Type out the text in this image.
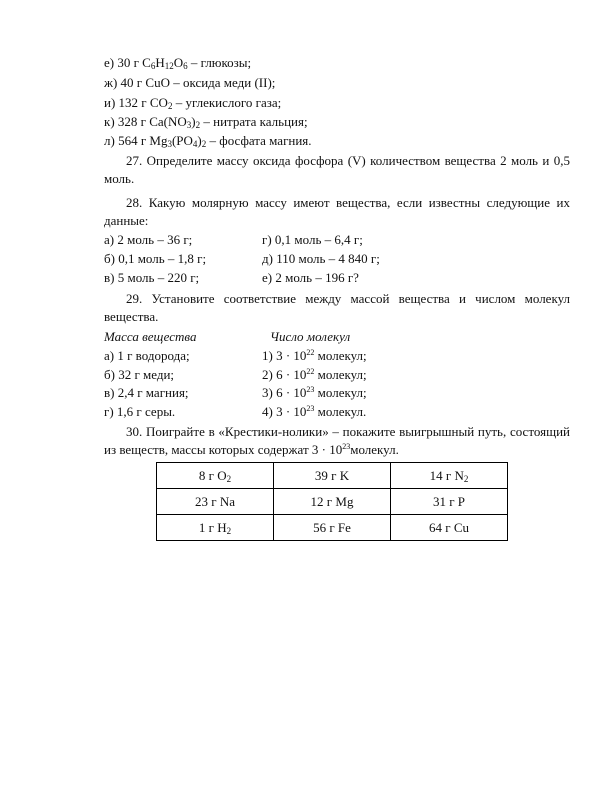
е) 30 г $C_6H_{12}O_6$ – глюкозы;
ж) 40 г CuO – оксида меди (II);
и) 132 г $CO_2$ – углекислого газа;
к) 328 г $Ca(NO_3)_2$ – нитрата кальция;
л) 564 г $Mg_3(PO_4)_2$ – фосфата магния.
27. Определите массу оксида фосфора (V) количеством вещества 2 моль и 0,5 моль.
28. Какую молярную массу имеют вещества, если известны следующие их данные:
а) 2 моль – 36 г;	г) 0,1 моль – 6,4 г;
б) 0,1 моль – 1,8 г;	д) 110 моль – 4 840 г;
в) 5 моль – 220 г;	е) 2 моль – 196 г?
29. Установите соответствие между массой вещества и числом молекул вещества.
Масса вещества	Число молекул
а) 1 г водорода;	1) $3 \cdot 10^{22}$ молекул;
б) 32 г меди;	2) $6 \cdot 10^{22}$ молекул;
в) 2,4 г магния;	3) $6 \cdot 10^{23}$ молекул;
г) 1,6 г серы.	4) $3 \cdot 10^{23}$ молекул.
30. Поиграйте в «Крестики-нолики» – покажите выигрышный путь, состоящий из веществ, массы которых содержат $3 \cdot 10^{23}молекул$.
8 г $O_2$	39 г K	14 г $N_2$
23 г Na	12 г Mg	31 г P
1 г $H_2$	56 г Fe	64 г Cu
